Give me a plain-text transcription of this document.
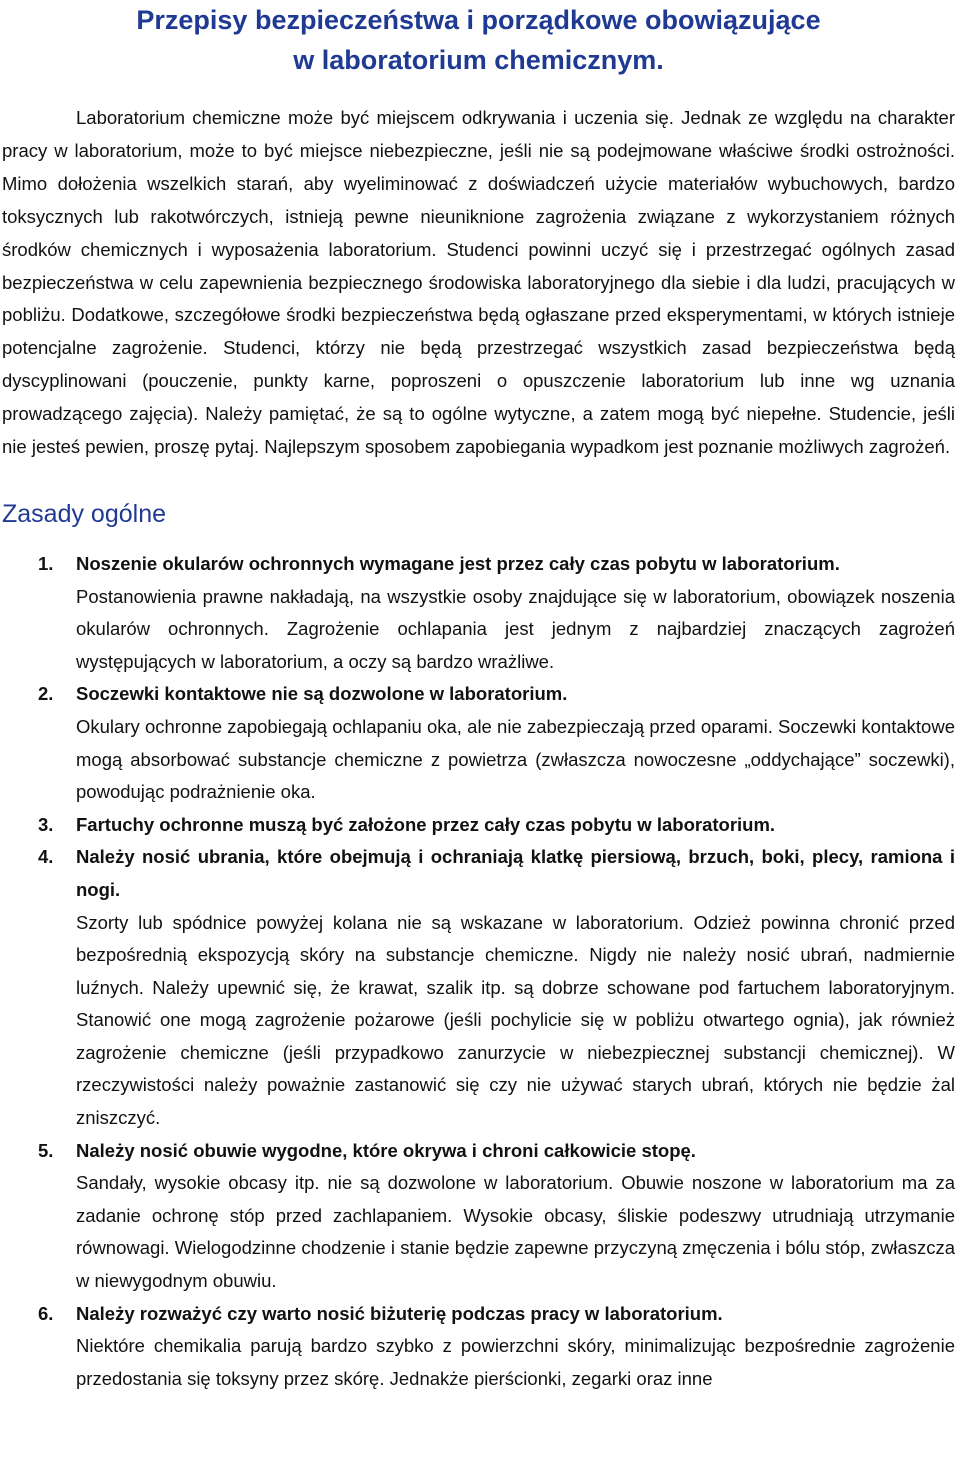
Przepisy bezpieczeństwa i porządkowe obowiązujące
w laboratorium chemicznym.

Laboratorium chemiczne może być miejscem odkrywania i uczenia się. Jednak ze względu na charakter pracy w laboratorium, może to być miejsce niebezpieczne, jeśli nie są podejmowane właściwe środki ostrożności. Mimo dołożenia wszelkich starań, aby wyeliminować z doświadczeń użycie materiałów wybuchowych, bardzo toksycznych lub rakotwórczych, istnieją pewne nieuniknione zagrożenia związane z wykorzystaniem różnych środków chemicznych i wyposażenia laboratorium. Studenci powinni uczyć się i przestrzegać ogólnych zasad bezpieczeństwa w celu zapewnienia bezpiecznego środowiska laboratoryjnego dla siebie i dla ludzi, pracujących w pobliżu. Dodatkowe, szczegółowe środki bezpieczeństwa będą ogłaszane przed eksperymentami, w których istnieje potencjalne zagrożenie. Studenci, którzy nie będą przestrzegać wszystkich zasad bezpieczeństwa będą dyscyplinowani (pouczenie, punkty karne, poproszeni o opuszczenie laboratorium lub inne wg uznania prowadzącego zajęcia). Należy pamiętać, że są to ogólne wytyczne, a zatem mogą być niepełne. Studencie, jeśli nie jesteś pewien, proszę pytaj. Najlepszym sposobem zapobiegania wypadkom jest poznanie możliwych zagrożeń.

Zasady ogólne
1.	Noszenie okularów ochronnych wymagane jest przez cały czas pobytu w laboratorium.

Postanowienia prawne nakładają, na wszystkie osoby znajdujące się w laboratorium, obowiązek noszenia okularów ochronnych. Zagrożenie ochlapania jest jednym z najbardziej znaczących zagrożeń występujących w laboratorium, a oczy są bardzo wrażliwe.

2.	Soczewki kontaktowe nie są dozwolone w laboratorium.

Okulary ochronne zapobiegają ochlapaniu oka, ale nie zabezpieczają przed oparami. Soczewki kontaktowe mogą absorbować substancje chemiczne z powietrza (zwłaszcza nowoczesne „oddychające” soczewki), powodując podrażnienie oka.

3.	Fartuchy ochronne muszą być założone przez cały czas pobytu w laboratorium.

4.	Należy nosić ubrania, które obejmują i ochraniają klatkę piersiową, brzuch, boki, plecy, ramiona i nogi.

Szorty lub spódnice powyżej kolana nie są wskazane w laboratorium. Odzież powinna chronić przed bezpośrednią ekspozycją skóry na substancje chemiczne. Nigdy nie należy nosić ubrań, nadmiernie luźnych. Należy upewnić się, że krawat, szalik itp. są dobrze schowane pod fartuchem laboratoryjnym. Stanowić one mogą zagrożenie pożarowe (jeśli pochylicie się w pobliżu otwartego ognia), jak również zagrożenie chemiczne (jeśli przypadkowo zanurzycie w niebezpiecznej substancji chemicznej). W rzeczywistości należy poważnie zastanowić się czy nie używać starych ubrań, których nie będzie żal zniszczyć.

5.	Należy nosić obuwie wygodne, które okrywa i chroni całkowicie stopę.

Sandały, wysokie obcasy itp. nie są dozwolone w laboratorium. Obuwie noszone w laboratorium ma za zadanie ochronę stóp przed zachlapaniem. Wysokie obcasy, śliskie podeszwy utrudniają utrzymanie równowagi. Wielogodzinne chodzenie i stanie będzie zapewne przyczyną zmęczenia i bólu stóp, zwłaszcza w niewygodnym obuwiu.

6.	Należy rozważyć czy warto nosić biżuterię podczas pracy w laboratorium.

Niektóre chemikalia parują bardzo szybko z powierzchni skóry, minimalizując bezpośrednie zagrożenie przedostania się toksyny przez skórę. Jednakże pierścionki, zegarki oraz inne
